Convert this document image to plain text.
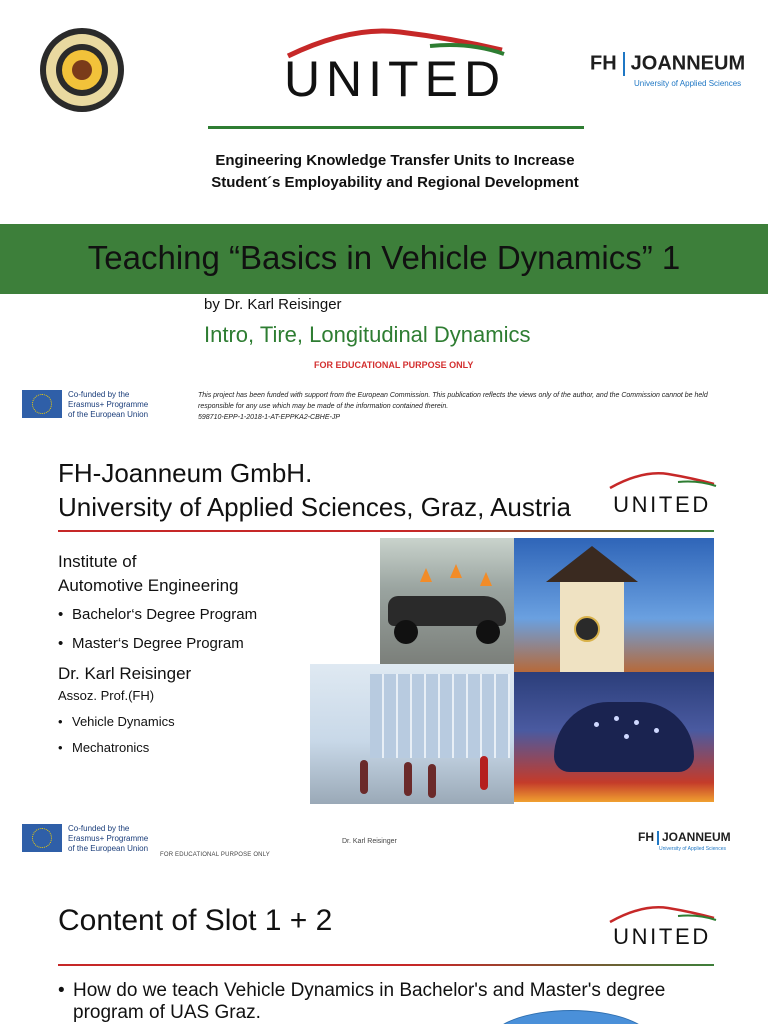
UNITED	FH JOANNEUM
University of Applied Sciences
Engineering Knowledge Transfer Units to Increase
Student´s Employability and Regional Development
Teaching “Basics in Vehicle Dynamics” 1
by Dr. Karl Reisinger
Intro, Tire, Longitudinal Dynamics
FOR EDUCATIONAL PURPOSE ONLY
Co-funded by the
Erasmus+ Programme
of the European Union
This project has been funded with support from the European Commission. This publication reflects the views only of the author, and the Commission cannot be held responsible for any use which may be made of the information contained therein.
598710-EPP-1-2018-1-AT-EPPKA2-CBHE-JP
FH-Joanneum GmbH.
University of Applied Sciences, Graz, Austria	UNITED
Institute of
Automotive Engineering
• Bachelor‘s Degree Program
• Master‘s Degree Program
Dr. Karl Reisinger
Assoz. Prof.(FH)
• Vehicle Dynamics
• Mechatronics
Co-funded by the
Erasmus+ Programme
of the European Union
FOR EDUCATIONAL PURPOSE ONLY
Dr. Karl Reisinger	FH JOANNEUM
University of Applied Sciences
Content of Slot 1 + 2	UNITED
• How do we teach Vehicle Dynamics in Bachelor's and Master's degree program of UAS Graz.
